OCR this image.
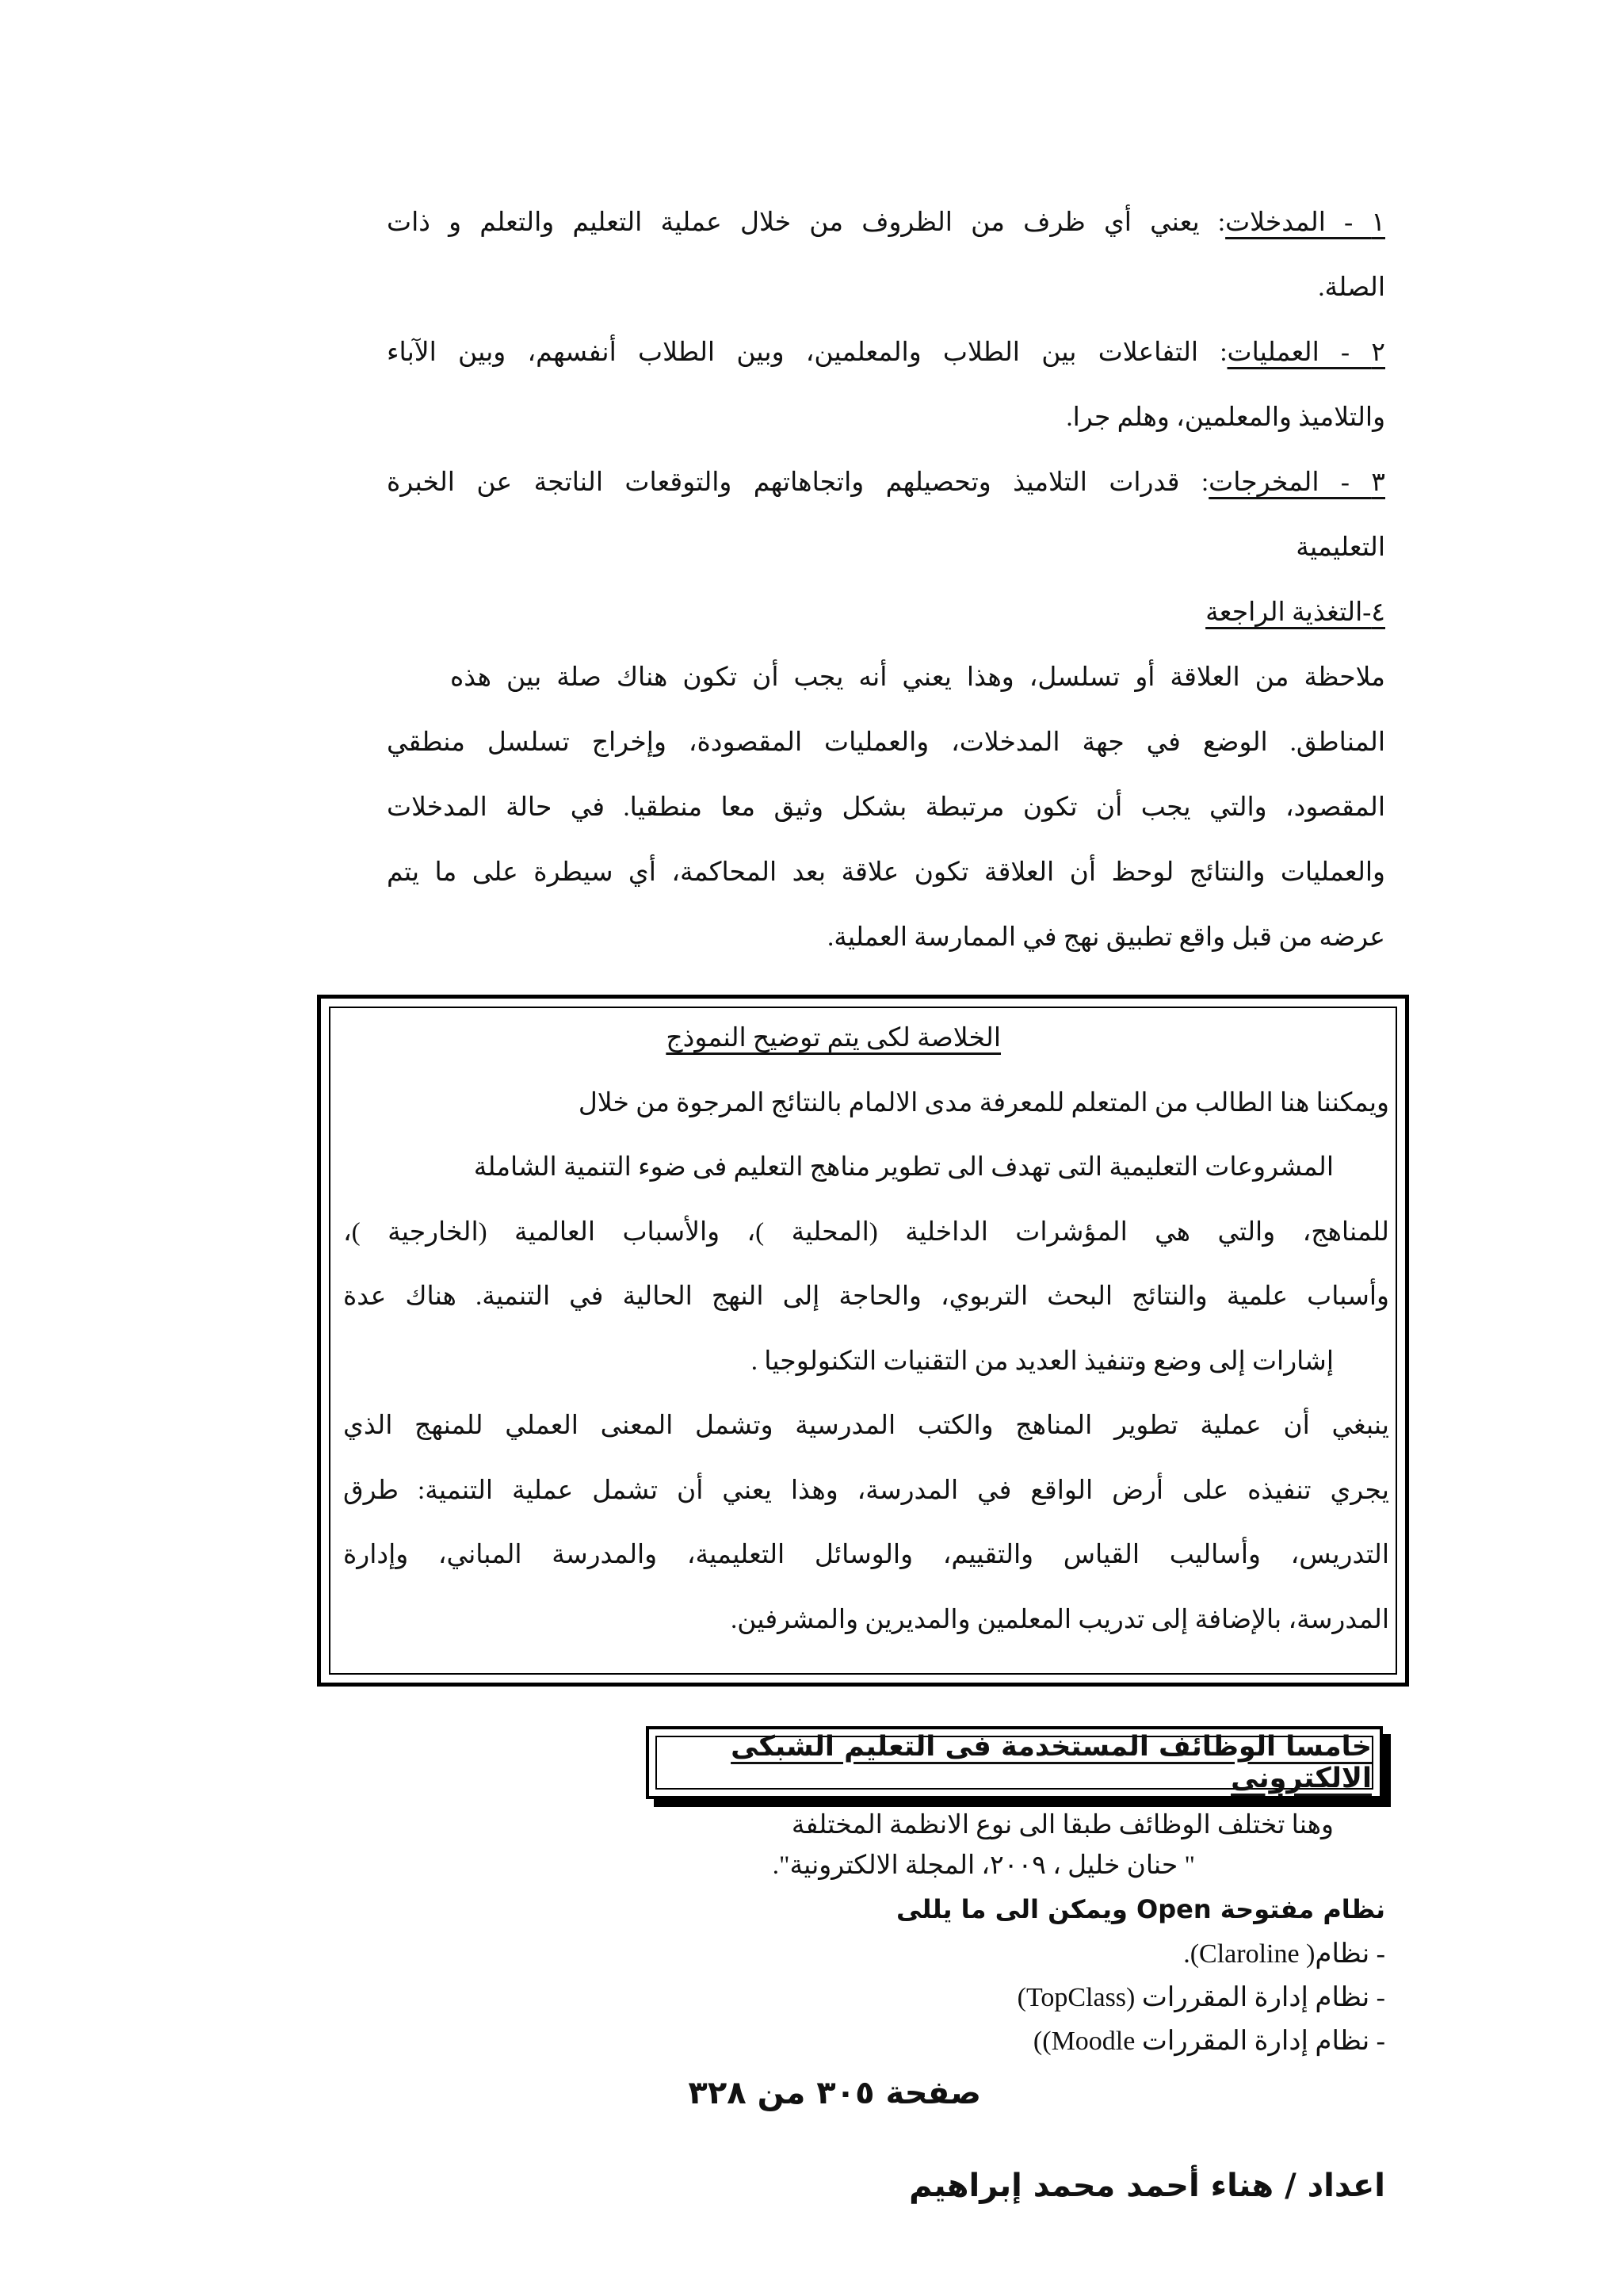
١ - المدخلات: يعني أي ظرف من الظروف من خلال عملية التعليم والتعلم و ذات
الصلة.
٢ - العمليات: التفاعلات بين الطلاب والمعلمين، وبين الطلاب أنفسهم، وبين الآباء
والتلاميذ والمعلمين، وهلم جرا.
٣ - المخرجات: قدرات التلاميذ وتحصيلهم واتجاهاتهم والتوقعات الناتجة عن الخبرة
التعليمية
٤-التغذية الراجعة
ملاحظة من العلاقة أو تسلسل، وهذا يعني أنه يجب أن تكون هناك صلة بين هذه
المناطق. الوضع في جهة المدخلات، والعمليات المقصودة، وإخراج تسلسل منطقي
المقصود، والتي يجب أن تكون مرتبطة بشكل وثيق معا منطقيا. في حالة المدخلات
والعمليات والنتائج لوحظ أن العلاقة تكون علاقة بعد المحاكمة، أي سيطرة على ما يتم
عرضه من قبل واقع تطبيق نهج في الممارسة العملية.
الخلاصة لكى يتم توضيح النموذج
ويمكننا هنا الطالب من المتعلم للمعرفة مدى الالمام بالنتائج المرجوة من خلال
المشروعات التعليمية التى تهدف الى تطوير مناهج التعليم فى ضوء التنمية الشاملة
للمناهج، والتي هي المؤشرات الداخلية (المحلية )، والأسباب العالمية (الخارجية )،
وأسباب علمية والنتائج البحث التربوي، والحاجة إلى النهج الحالية في التنمية. هناك عدة
إشارات إلى وضع وتنفيذ العديد من التقنيات التكنولوجيا .
ينبغي أن عملية تطوير المناهج والكتب المدرسية وتشمل المعنى العملي للمنهج الذي
يجري تنفيذه على أرض الواقع في المدرسة، وهذا يعني أن تشمل عملية التنمية: طرق
التدريس، وأساليب القياس والتقييم، والوسائل التعليمية، والمدرسة المباني، وإدارة
المدرسة، بالإضافة إلى تدريب المعلمين والمديرين والمشرفين.
خامسا الوظائف المستخدمة فى التعليم الشبكى الالكترونى
وهنا تختلف الوظائف طبقا الى نوع الانظمة المختلفة
" حنان خليل ، ٢٠٠٩، المجلة الالكترونية".
نظام مفتوحة Open ويمكن الى ما يللى
- نظام( Claroline).
- نظام إدارة المقررات (TopClass)
- نظام إدارة المقررات Moodle))
صفحة ٣٠٥ من ٣٢٨
اعداد / هناء أحمد محمد إبراهيم
